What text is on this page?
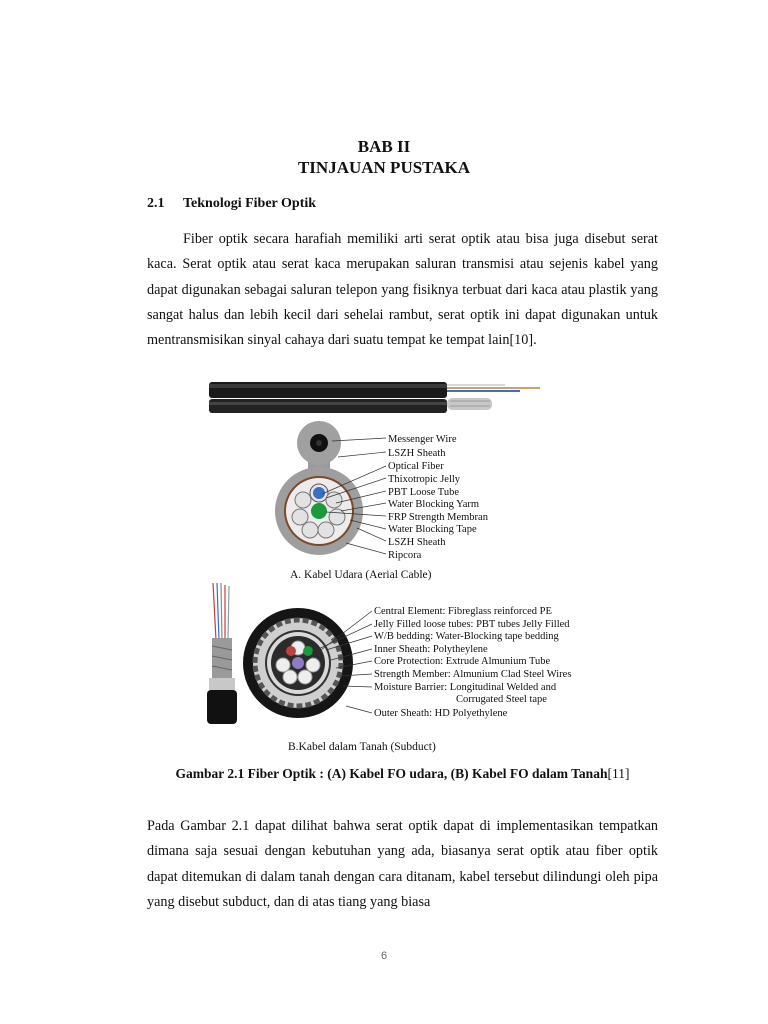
BAB II
TINJAUAN PUSTAKA
2.1 Teknologi Fiber Optik

Fiber optik secara harafiah memiliki arti serat optik atau bisa juga disebut serat kaca. Serat optik atau serat kaca merupakan saluran transmisi atau sejenis kabel yang dapat digunakan sebagai saluran telepon yang fisiknya terbuat dari kaca atau plastik yang sangat halus dan lebih kecil dari sehelai rambut, serat optik ini dapat digunakan untuk mentransmisikan sinyal cahaya dari suatu tempat ke tempat lain[10].

Messenger Wire
LSZH Sheath
Optical Fiber
Thixotropic Jelly
PBT Loose Tube
Water Blocking Yarm
FRP Strength Membran
Water Blocking Tape
LSZH Sheath
Ripcora
A. Kabel Udara (Aerial Cable)
Central Element: Fibreglass reinforced PE
Jelly Filled loose tubes: PBT tubes Jelly Filled
W/B bedding: Water-Blocking tape bedding
Inner Sheath: Polytheylene
Core Protection: Extrude Almunium Tube
Strength Member: Almunium Clad Steel Wires
Moisture Barrier: Longitudinal Welded and
Corrugated Steel tape
Outer Sheath: HD Polyethylene
B.Kabel dalam Tanah (Subduct)
Gambar 2.1 Fiber Optik : (A) Kabel FO udara, (B) Kabel FO dalam Tanah[11]

Pada Gambar 2.1 dapat dilihat bahwa serat optik dapat di implementasikan tempatkan dimana saja sesuai dengan kebutuhan yang ada, biasanya serat optik atau fiber optik dapat ditemukan di dalam tanah dengan cara ditanam, kabel tersebut dilindungi oleh pipa yang disebut subduct, dan di atas tiang yang biasa

6
